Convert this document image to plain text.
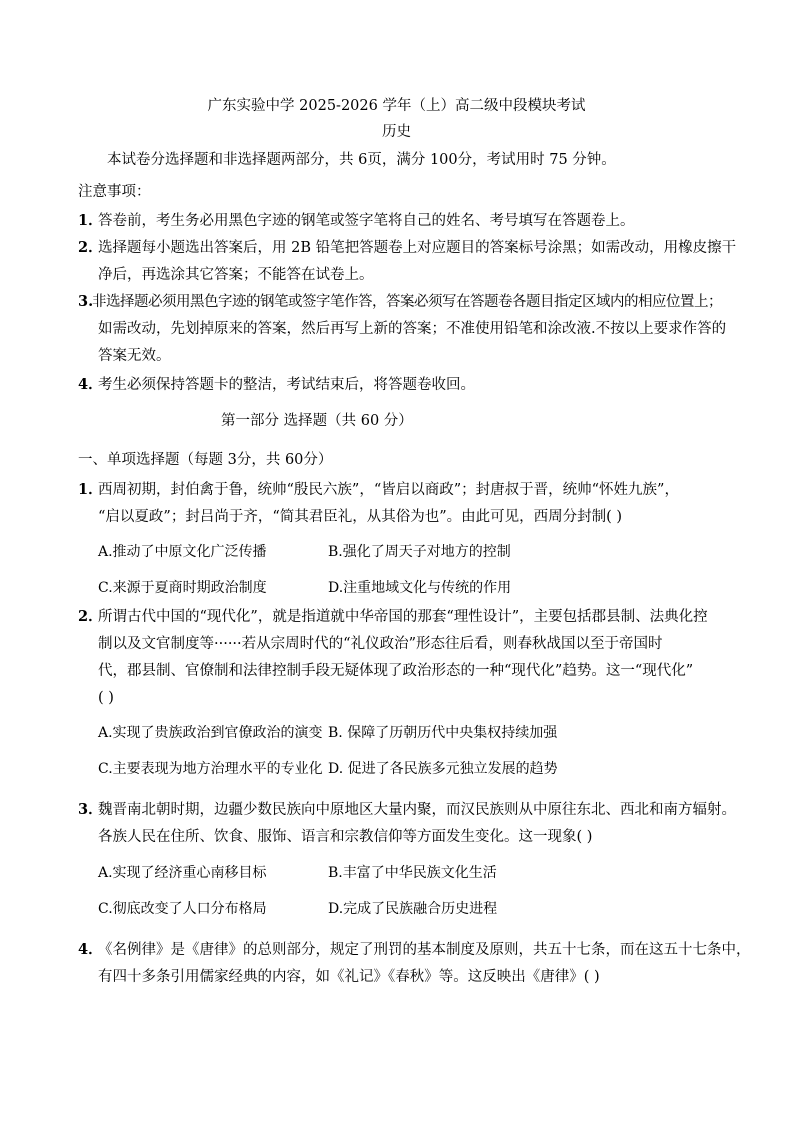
广东实验中学 2025-2026 学年（上）高二级中段模块考试
历史
本试卷分选择题和非选择题两部分，共 6页，满分 100分，考试用时 75 分钟。
注意事项：
1．
答卷前，考生务必用黑色字迹的钢笔或签字笔将自己的姓名、考号填写在答题卷上。
2．
选择题每小题选出答案后，用 2B 铅笔把答题卷上对应题目的答案标号涂黑；如需改动，用橡皮擦干
净后，再选涂其它答案；不能答在试卷上。
3.
非选择题必须用黑色字迹的钢笔或签字笔作答，答案必须写在答题卷各题目指定区域内的相应位置上；
如需改动，先划掉原来的答案，然后再写上新的答案；不准使用铅笔和涂改液.不按以上要求作答的
答案无效。
4．
考生必须保持答题卡的整洁，考试结束后，将答题卷收回。
第一部分 选择题（共 60 分）
一、单项选择题（每题 3分，共 60分）
1．
西周初期，封伯禽于鲁，统帅“殷民六族”，“皆启以商政”；封唐叔于晋，统帅“怀姓九族”，
“启以夏政”；封吕尚于齐，“简其君臣礼，从其俗为也”。由此可见，西周分封制( )
A.推动了中原文化广泛传播	B.强化了周天子对地方的控制
C.来源于夏商时期政治制度	D.注重地域文化与传统的作用
2．
所谓古代中国的“现代化”，就是指道就中华帝国的那套“理性设计”，主要包括郡县制、法典化控
制以及文官制度等······若从宗周时代的“礼仪政治”形态往后看，则春秋战国以至于帝国时
代，郡县制、官僚制和法律控制手段无疑体现了政治形态的一种“现代化”趋势。这一“现代化”
( )
A.实现了贵族政治到官僚政治的演变 B. 保障了历朝历代中央集权持续加强
C.主要表现为地方治理水平的专业化 D. 促进了各民族多元独立发展的趋势
3．
魏晋南北朝时期，边疆少数民族向中原地区大量内聚，而汉民族则从中原往东北、西北和南方辐射。
各族人民在住所、饮食、服饰、语言和宗教信仰等方面发生变化。这一现象( )
A.实现了经济重心南移目标	B.丰富了中华民族文化生活
C.彻底改变了人口分布格局	D.完成了民族融合历史进程
4．
《名例律》是《唐律》的总则部分，规定了刑罚的基本制度及原则，共五十七条，而在这五十七条中，
有四十多条引用儒家经典的内容，如《礼记》《春秋》等。这反映出《唐律》( )
